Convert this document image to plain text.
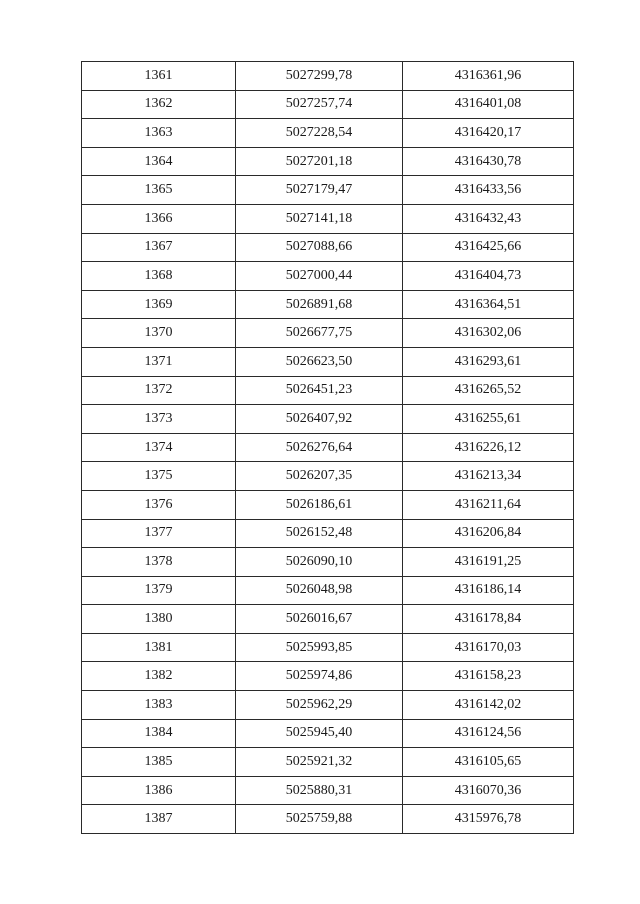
1361	5027299,78	4316361,96
1362	5027257,74	4316401,08
1363	5027228,54	4316420,17
1364	5027201,18	4316430,78
1365	5027179,47	4316433,56
1366	5027141,18	4316432,43
1367	5027088,66	4316425,66
1368	5027000,44	4316404,73
1369	5026891,68	4316364,51
1370	5026677,75	4316302,06
1371	5026623,50	4316293,61
1372	5026451,23	4316265,52
1373	5026407,92	4316255,61
1374	5026276,64	4316226,12
1375	5026207,35	4316213,34
1376	5026186,61	4316211,64
1377	5026152,48	4316206,84
1378	5026090,10	4316191,25
1379	5026048,98	4316186,14
1380	5026016,67	4316178,84
1381	5025993,85	4316170,03
1382	5025974,86	4316158,23
1383	5025962,29	4316142,02
1384	5025945,40	4316124,56
1385	5025921,32	4316105,65
1386	5025880,31	4316070,36
1387	5025759,88	4315976,78
